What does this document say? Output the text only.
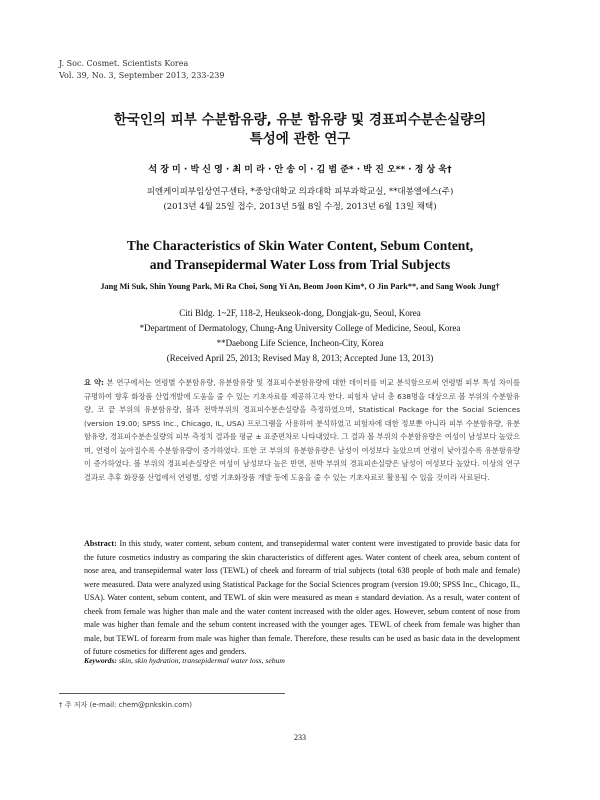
J. Soc. Cosmet. Scientists Korea
Vol. 39, No. 3, September 2013, 233-239
한국인의 피부 수분함유량, 유분 함유량 및 경표피수분손실량의
특성에 관한 연구
석 장 미 · 박 신 영 · 최 미 라 · 안 송 이 · 김 범 준* · 박 진 오** · 정 상 욱†
피엔케이피부임상연구센타, *중앙대학교 의과대학 피부과학교실, **대봉엘에스(주)
(2013년 4월 25일 접수, 2013년 5월 8일 수정, 2013년 6월 13일 채택)
The Characteristics of Skin Water Content, Sebum Content,
and Transepidermal Water Loss from Trial Subjects
Jang Mi Suk, Shin Young Park, Mi Ra Choi, Song Yi An, Beom Joon Kim*, O Jin Park**, and Sang Wook Jung†
Citi Bldg. 1~2F, 118-2, Heukseok-dong, Dongjak-gu, Seoul, Korea
*Department of Dermatology, Chung-Ang University College of Medicine, Seoul, Korea
**Daebong Life Science, Incheon-City, Korea
(Received April 25, 2013; Revised May 8, 2013; Accepted June 13, 2013)

요 약: 본 연구에서는 연령별 수분함유량, 유분함유량 및 경표피수분함유량에 대한 데이터를 비교 분석함으로써 연령별 피부 특성 차이를 규명하여 향후 화장품 산업개발에 도움을 줄 수 있는 기초자료를 제공하고자 한다. 피험자 남녀 총 638명을 대상으로 볼 부위의 수분함유량, 코 끝 부위의 유분함유량, 볼과 전박부위의 경표피수분손실량을 측정하였으며, Statistical Package for the Social Sciences (version 19.00; SPSS Inc., Chicago, IL, USA) 프로그램을 사용하여 분석하였고 피험자에 대한 정보뿐 아니라 피부 수분함유량, 유분함유량, 경표피수분손실량의 피부 측정치 결과를 평균 ± 표준편차로 나타내었다. 그 결과 볼 부위의 수분함유량은 여성이 남성보다 높았으며, 연령이 높아질수록 수분함유량이 증가하였다. 또한 코 부위의 유분함유량은 남성이 여성보다 높았으며 연령이 낮아질수록 유분함유량이 증가하였다. 볼 부위의 경표피손실량은 여성이 남성보다 높은 반면, 전박 부위의 경표피손실량은 남성이 여성보다 높았다. 이상의 연구 결과로 추후 화장품 산업에서 연령별, 성별 기초화장품 개발 등에 도움을 줄 수 있는 기초자료로 활용될 수 있을 것이라 사료된다.

Abstract: In this study, water content, sebum content, and transepidermal water content were investigated to provide basic data for the future cosmetics industry as comparing the skin characteristics of different ages. Water content of cheek area, sebum content of nose area, and transepidermal water loss (TEWL) of cheek and forearm of trial subjects (total 638 people of both male and female) were measured. Data were analyzed using Statistical Package for the Social Sciences program (version 19.00; SPSS Inc., Chicago, IL, USA). Water content, sebum content, and TEWL of skin were measured as mean ± standard deviation. As a result, water content of cheek from female was higher than male and the water content increased with the older ages. However, sebum content of nose from male was higher than female and the sebum content increased with the younger ages. TEWL of cheek from female was higher than male, but TEWL of forearm from male was higher than female. Therefore, these results can be used as basic data in the development of future cosmetics for different ages and genders.

Keywords: skin, skin hydration, transepidermal water loss, sebum
† 주 저자 (e-mail: chem@pnkskin.com)
233
